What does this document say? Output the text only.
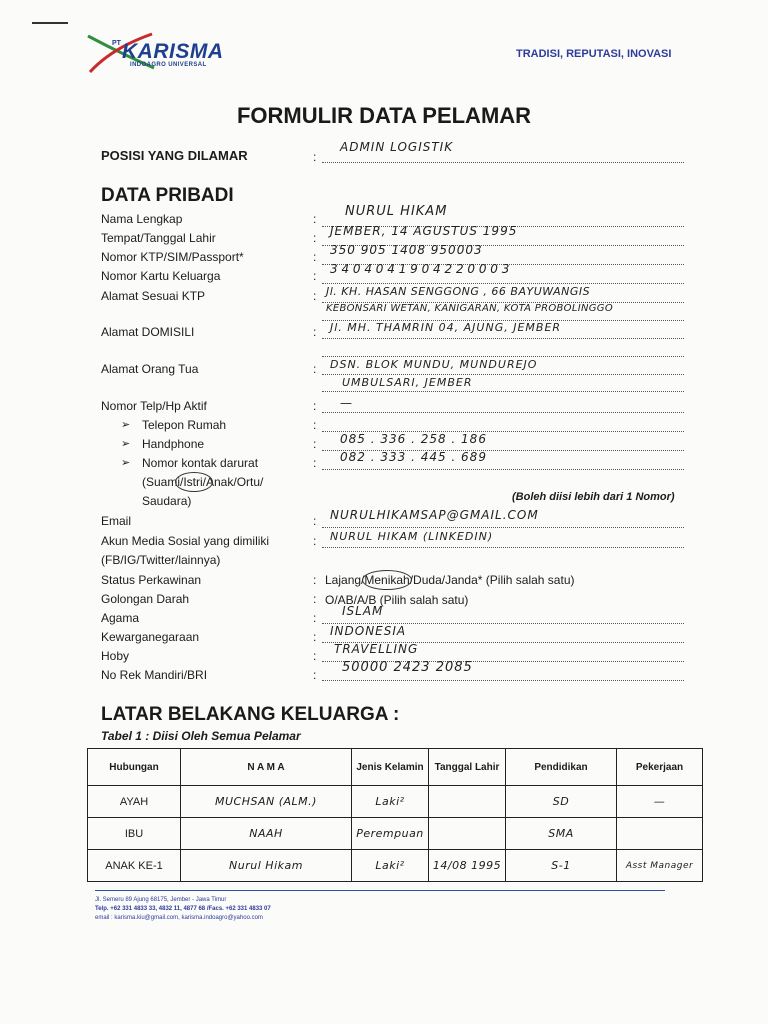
PT KARISMA
INDOAGRO UNIVERSAL
TRADISI, REPUTASI, INOVASI
FORMULIR DATA PELAMAR
POSISI YANG DILAMAR	:
ADMIN LOGISTIK
DATA PRIBADI
Nama Lengkap	: NURUL HIKAM
Tempat/Tanggal Lahir	: JEMBER, 14 AGUSTUS 1995
Nomor KTP/SIM/Passport*	: 350 905 1408 950003
Nomor Kartu Keluarga	: 3 4 0 4 0 4 1 9 0 4 2 2 0 0 0 3
Alamat Sesuai KTP	: Jl. KH. HASAN SENGGONG , 66 BAYUWANGIS
KEBONSARI WETAN, KANIGARAN, KOTA PROBOLINGGO
Alamat DOMISILI	: Jl. MH. THAMRIN 04, AJUNG, JEMBER
Alamat Orang Tua	: DSN. BLOK MUNDU, MUNDUREJO
UMBULSARI, JEMBER
Nomor Telp/Hp Aktif	: —
➢ Telepon Rumah	:
➢ Handphone	: 085 . 336 . 258 . 186
➢ Nomor kontak darurat	: 082 . 333 . 445 . 689
(Suami/Istri/Anak/Ortu/
Saudara)	(Boleh diisi lebih dari 1 Nomor)
Email	: NURULHIKAMSAP@GMAIL.COM
Akun Media Sosial yang dimiliki	: NURUL HIKAM (LINKEDIN)
(FB/IG/Twitter/lainnya)
Status Perkawinan	: Lajang/Menikah/Duda/Janda* (Pilih salah satu)
Golongan Darah	: O/AB/A/B (Pilih salah satu)
Agama	: ISLAM
Kewarganegaraan	: INDONESIA
Hoby	: TRAVELLING
No Rek Mandiri/BRI	: 50000 2423 2085
LATAR BELAKANG KELUARGA :
Tabel 1 : Diisi Oleh Semua Pelamar
Hubungan	N A M A	Jenis Kelamin	Tanggal Lahir	Pendidikan	Pekerjaan
AYAH	MUCHSAN (ALM.)	Laki²		SD	—
IBU	NAAH	Perempuan		SMA	
ANAK KE-1	Nurul Hikam	Laki²	14/08 1995	S-1	Asst Manager
Jl. Semeru 89 Ajung 68175, Jember - Jawa Timur
Telp. +62 331 4833 33, 4832 11, 4877 68 /Facs. +62 331 4833 07
email : karisma.kiu@gmail.com, karisma.indoagro@yahoo.com
